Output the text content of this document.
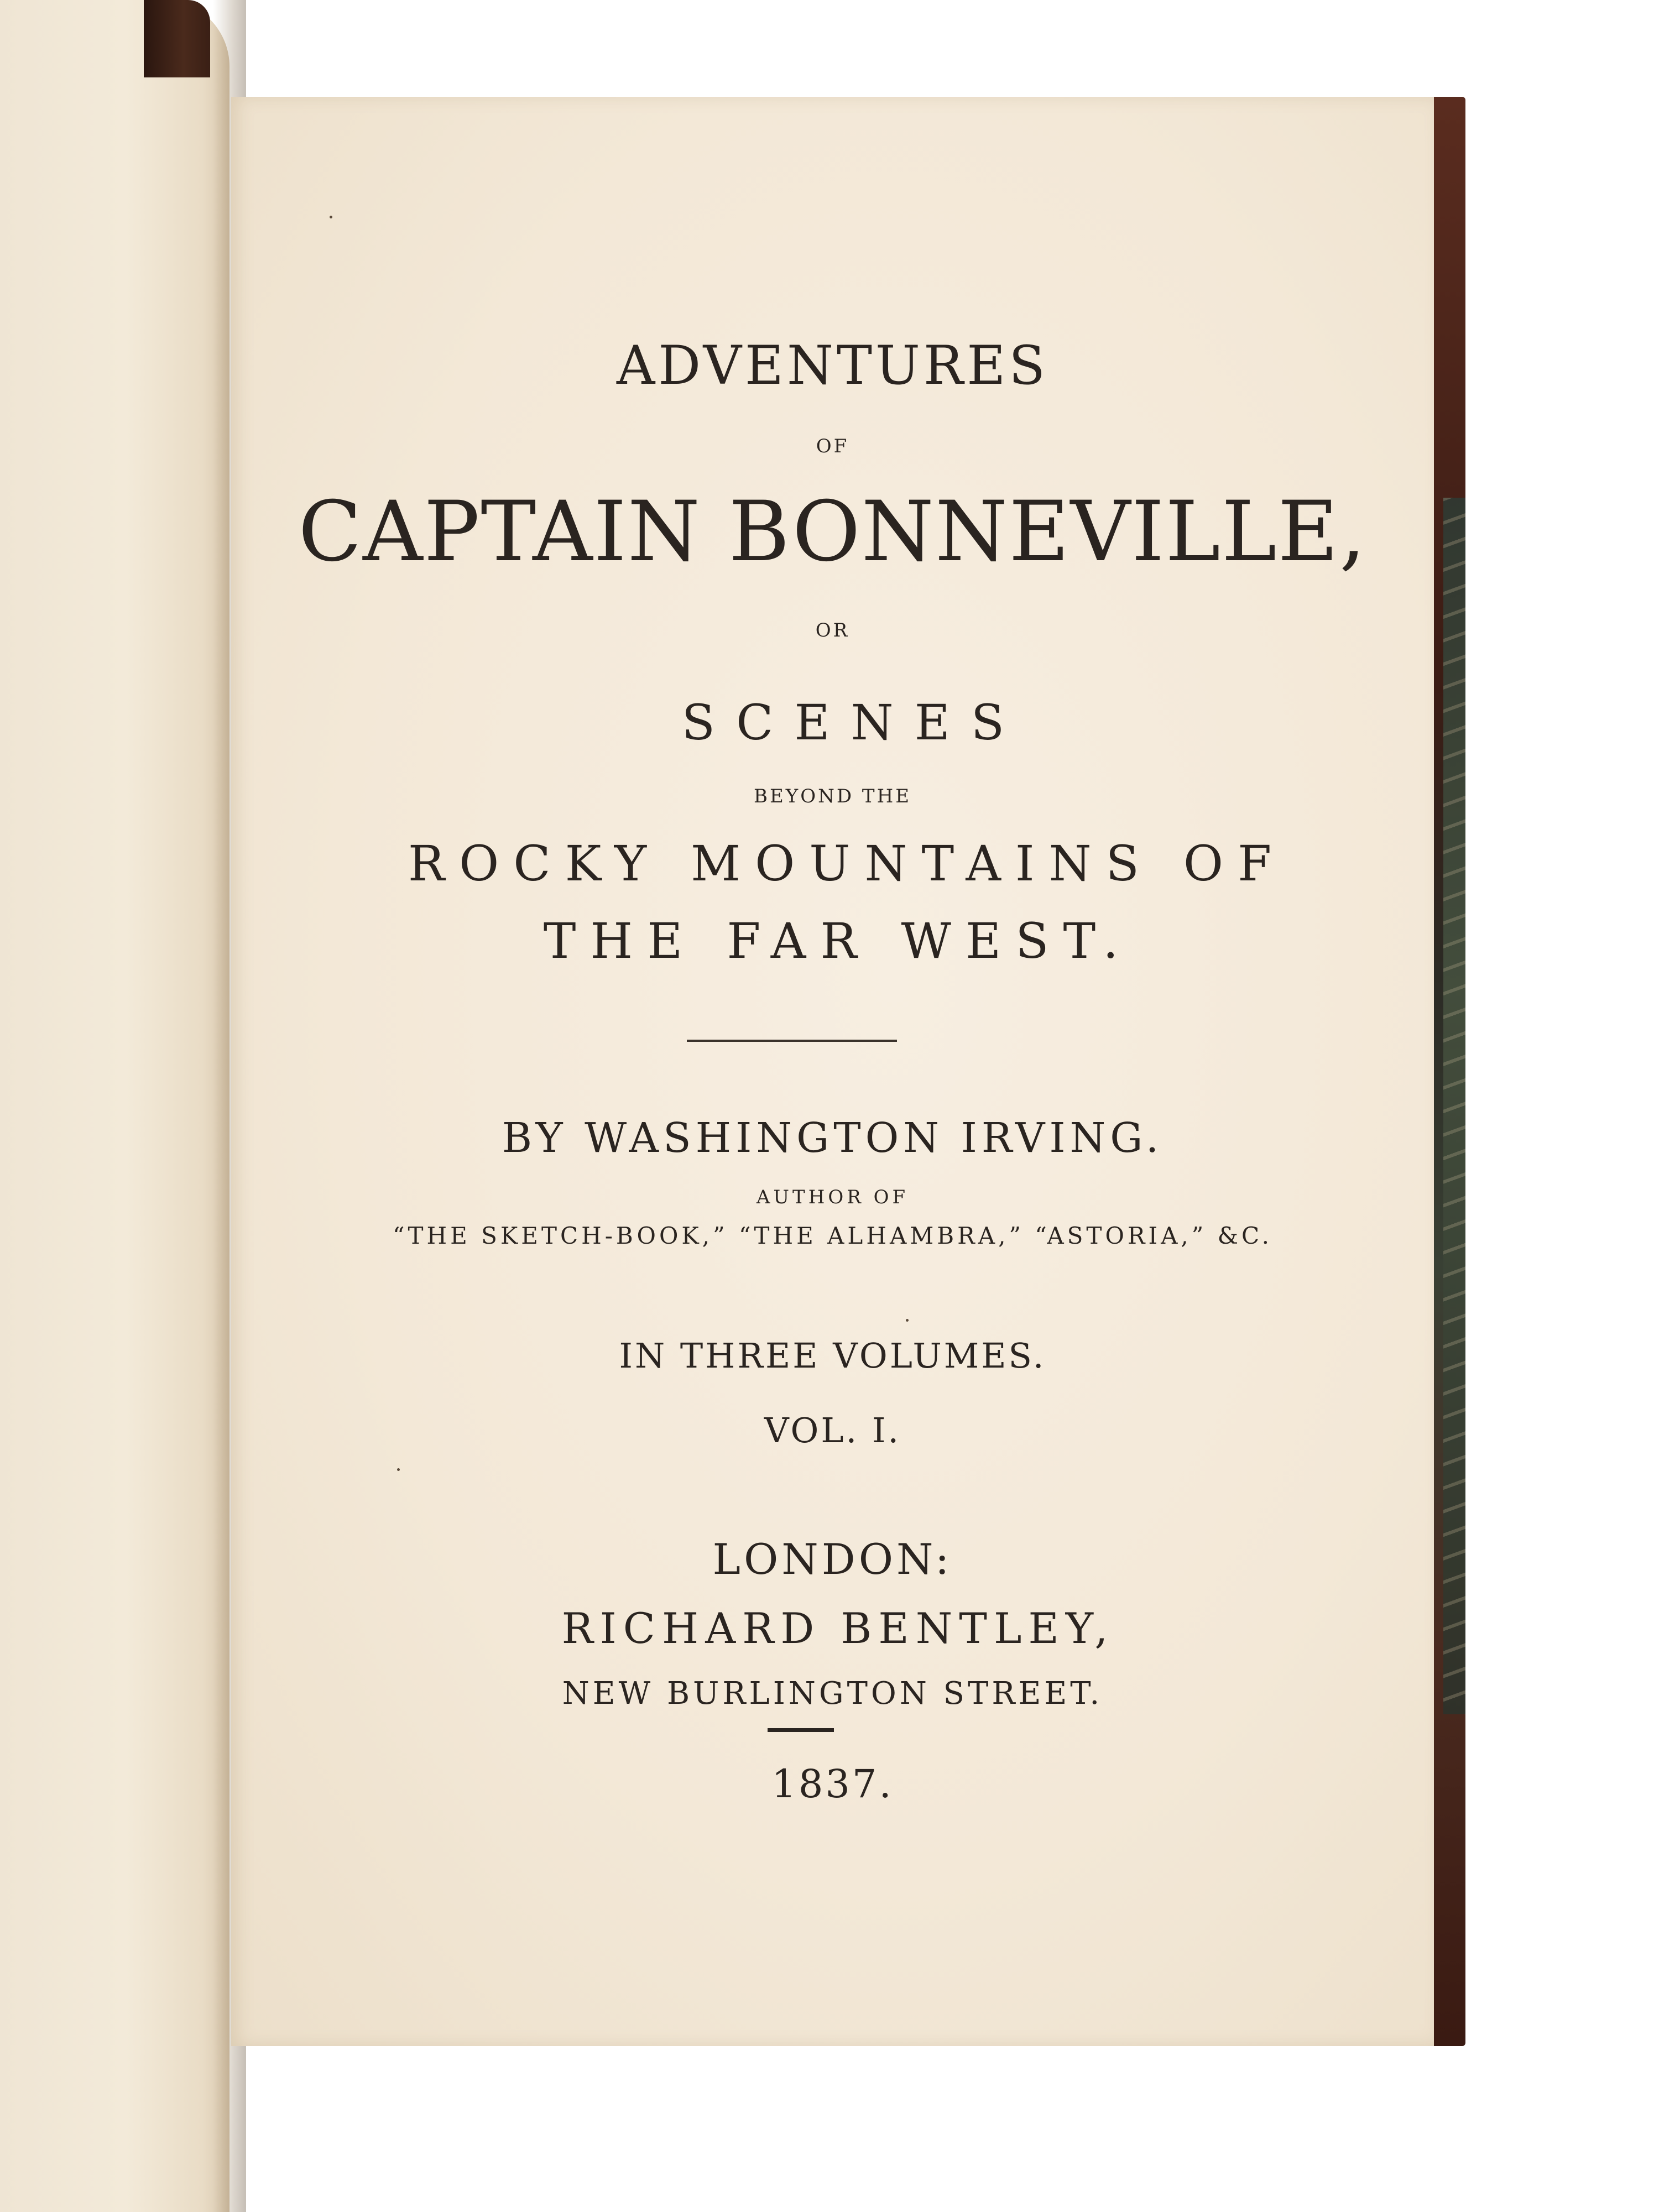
ADVENTURES
OF
CAPTAIN BONNEVILLE,
OR
SCENES
BEYOND THE
ROCKY MOUNTAINS OF
THE FAR WEST.
BY WASHINGTON IRVING.
AUTHOR OF
“THE SKETCH-BOOK,” “THE ALHAMBRA,” “ASTORIA,” &C.
IN THREE VOLUMES.
VOL. I.
LONDON:
RICHARD BENTLEY,
NEW BURLINGTON STREET.
1837.
